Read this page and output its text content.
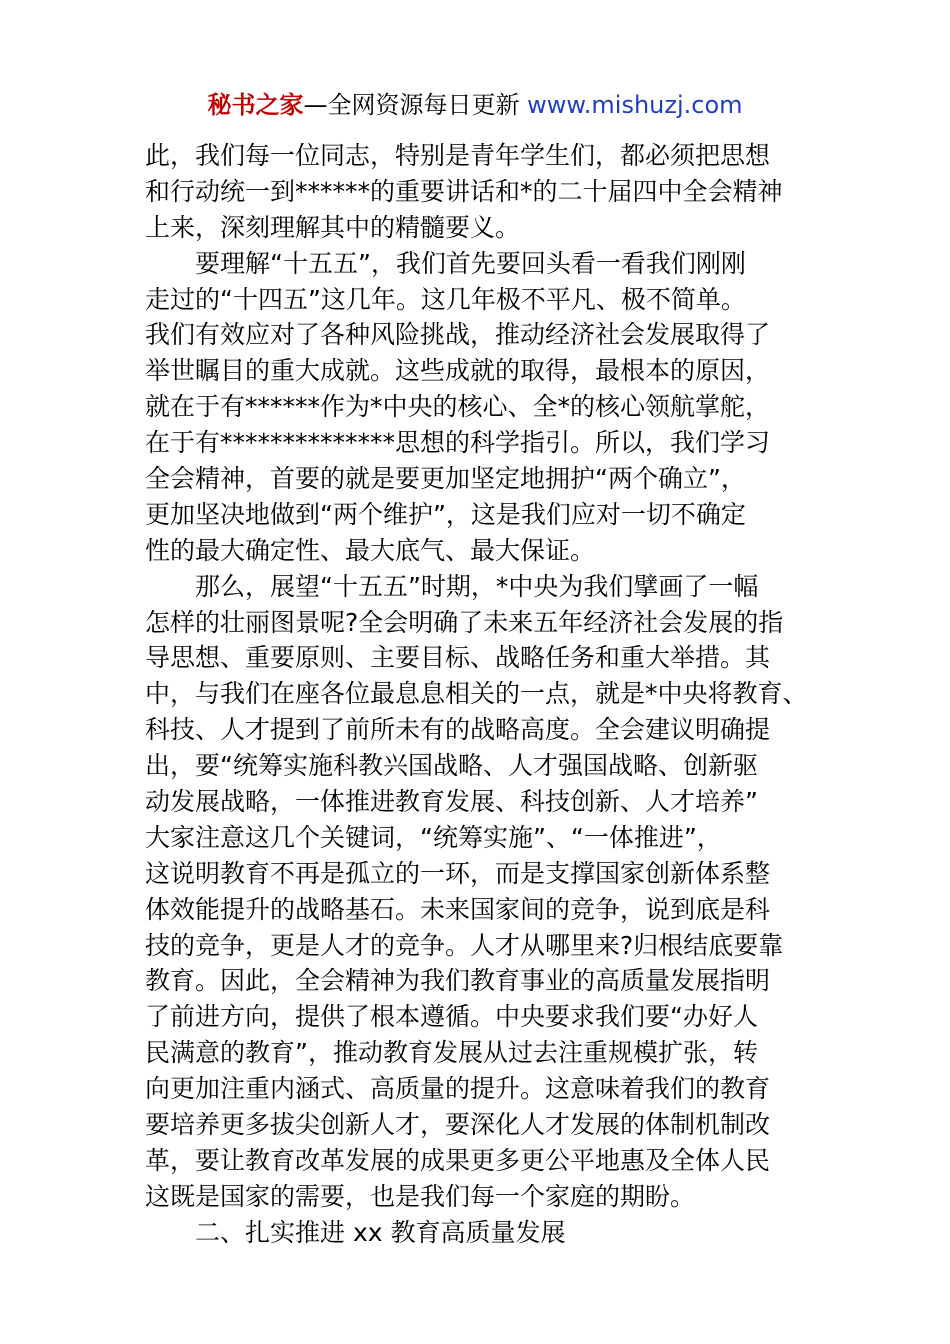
秘书之家—全网资源每日更新 www.mishuzj.com
此，我们每一位同志，特别是青年学生们，都必须把思想
和行动统一到******的重要讲话和*的二十届四中全会精神
上来，深刻理解其中的精髓要义。
要理解“十五五”，我们首先要回头看一看我们刚刚
走过的“十四五”这几年。这几年极不平凡、极不简单。
我们有效应对了各种风险挑战，推动经济社会发展取得了
举世瞩目的重大成就。这些成就的取得，最根本的原因，
就在于有******作为*中央的核心、全*的核心领航掌舵，
在于有**************思想的科学指引。所以，我们学习
全会精神，首要的就是要更加坚定地拥护“两个确立”，
更加坚决地做到“两个维护”，这是我们应对一切不确定
性的最大确定性、最大底气、最大保证。
那么，展望“十五五”时期，*中央为我们擘画了一幅
怎样的壮丽图景呢?全会明确了未来五年经济社会发展的指
导思想、重要原则、主要目标、战略任务和重大举措。其
中，与我们在座各位最息息相关的一点，就是*中央将教育、
科技、人才提到了前所未有的战略高度。全会建议明确提
出，要“统筹实施科教兴国战略、人才强国战略、创新驱
动发展战略，一体推进教育发展、科技创新、人才培养”
大家注意这几个关键词，“统筹实施”、“一体推进”，
这说明教育不再是孤立的一环，而是支撑国家创新体系整
体效能提升的战略基石。未来国家间的竞争，说到底是科
技的竞争，更是人才的竞争。人才从哪里来?归根结底要靠
教育。因此，全会精神为我们教育事业的高质量发展指明
了前进方向，提供了根本遵循。中央要求我们要“办好人
民满意的教育”，推动教育发展从过去注重规模扩张，转
向更加注重内涵式、高质量的提升。这意味着我们的教育
要培养更多拔尖创新人才，要深化人才发展的体制机制改
革，要让教育改革发展的成果更多更公平地惠及全体人民
这既是国家的需要，也是我们每一个家庭的期盼。
二、扎实推进 xx 教育高质量发展
